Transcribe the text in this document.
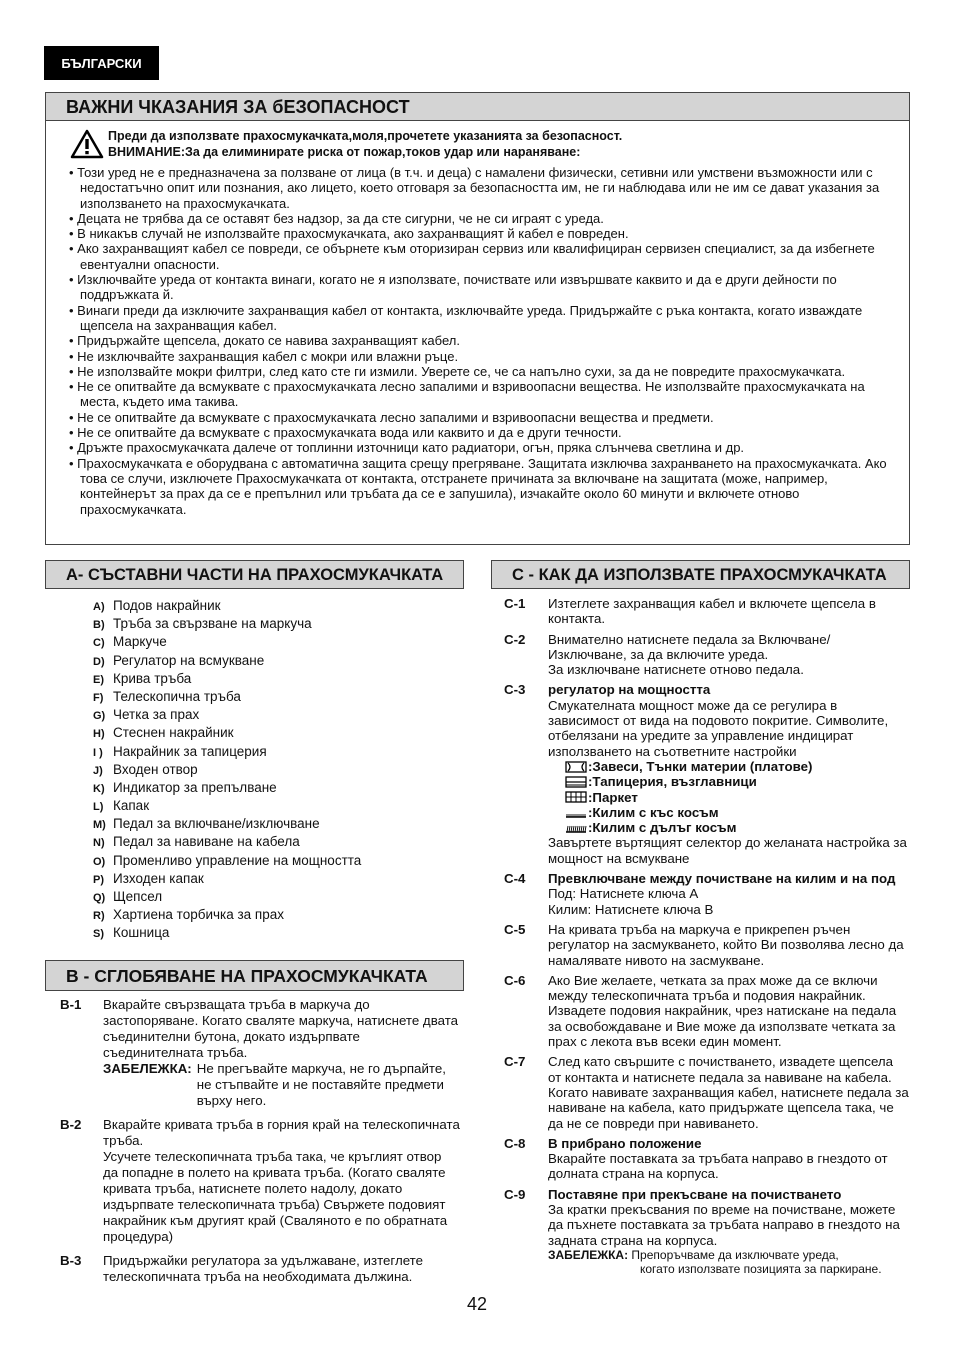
БЪЛГАРСКИ
ВАЖНИ ЧКАЗАНИЯ ЗА бЕЗОПАСНОСТ
Преди да използвате прахосмукачката,моля,прочетете указанията за безопасност.
ВНИМАНИЕ:За да елиминирате риска от пожар,токов удар или нараняване:
• Този уред не е предназначена за ползване от лица (в т.ч. и деца) с намалени физически, сетивни или умствени възможности или с недостатъчно опит или познания, ако лицето, което отговаря за безопасността им, не ги наблюдава или не им се дават указания за използването на прахосмукачката.
• Децата не трябва да се оставят без надзор, за да сте сигурни, че не си играят с уреда.
• В никакъв случай не използвайте прахосмукачката, ако захранващият й кабел е повреден.
• Ако захранващият кабел се повреди, се обърнете към оторизиран сервиз или квалифициран сервизен специалист, за да избегнете евентуални опасности.
• Изключвайте уреда от контакта винаги, когато не я използвате, почиствате или извършвате каквито и да е други дейности по поддръжката й.
• Винаги преди да изключите захранващия кабел от контакта, изключвайте уреда. Придържайте с ръка контакта, когато изваждате щепсела на захранващия кабел.
• Придържайте щепсела, докато се навива захранващият кабел.
• Не изключвайте захранващия кабел с мокри или влажни ръце.
• Не използвайте мокри филтри, след като сте ги измили. Уверете се, че са напълно сухи, за да не повредите прахосмукачката.
• Не се опитвайте да всмуквате с прахосмукачката лесно запалими и взривоопасни вещества. Не използвайте прахосмукачката на места, където има такива.
• Не се опитвайте да всмуквате с прахосмукачката лесно запалими и взривоопасни вещества и предмети.
• Не се опитвайте да всмуквате с прахосмукачката вода или каквито и да е други течности.
• Дръжте прахосмукачката далече от топлинни източници като радиатори, огън, пряка слънчева светлина и др.
• Прахосмукачката е оборудвана с автоматична защита срещу прегряване. Защитата изключва захранването на прахосмукачката. Ако това се случи, изключете Прахосмукачката от контакта, отстранете причината за включване на защитата (може, например, контейнерът за прах да се е препълнил или тръбата да се е запушила), изчакайте около 60 минути и включете отново прахосмукачката.
A- СЪСТАВНИ ЧАСТИ НА ПРАХОСМУКАЧКАТА
A) Подов накрайник
B) Тръба за свързване на маркуча
C) Маркуче
D) Регулатор на всмукване
E) Крива тръба
F) Телескопична тръба
G) Четка за прах
H) Стеснен накрайник
I ) Накрайник за тапицерия
J) Входен отвор
K) Индикатор за препълване
L) Капак
M) Педал за включване/изключване
N) Педал за навиване на кабела
O) Променливо управление на мощността
P) Изходен капак
Q) Щепсел
R) Хартиена торбичка за прах
S) Кошница
B - СГЛОБЯВАНЕ НА ПРАХОСМУКАЧКАТА
B-1	Вкарайте свързващата тръба в маркуча до застопоряване. Когато сваляте маркуча, натиснете двата съединителни бутона, докато издърпвате съединителната тръба.
ЗАБЕЛЕЖКА: Не прегъвайте маркуча, не го дърпайте, не стъпвайте и не поставяйте предмети върху него.
B-2	Вкарайте кривата тръба в горния край на телескопичната тръба.
Усучете телескопичната тръба така, че кръглият отвор да попадне в полето на кривата тръба. (Когато сваляте кривата тръба, натиснете полето надолу, докато издърпвате телескопичната тръба) Свържете подовият накрайник към другият край (Сваляното е по обратната процедура)
B-3	Придържайки регулатора за удължаване, изтеглете телескопичната тръба на необходимата дължина.
C - КАК ДА ИЗПОЛЗВАТЕ ПРАХОСМУКАЧКАТА
C-1	Изтеглете захранващия кабел и включете щепсела в контакта.
C-2	Внимателно натиснете педала за Включване/ Изключване, за да включите уреда.
За изключване натиснете отново педала.
C-3	регулатор на мощността
Смукателната мощност може да се регулира в зависимост от вида на подовото покритие. Символите, отбелязани на уредите за управление индицират използването на съответните настройки
:Завеси, Тънки материи (платове)
:Тапицерия, възглавници
:Паркет
:Килим с къс косъм
:Килим с дълъг косъм
Завъртете въртящият селектор до желаната настройка за мощност на всмукване
C-4	Превключване между почистване на килим и на под
Под: Натиснете ключа A
Килим: Натиснете ключа B
C-5	На кривата тръба на маркуча е прикрепен ръчен регулатор на засмукването, който Ви позволява лесно да намалявате нивото на засмукване.
C-6	Ако Вие желаете, четката за прах може да се включи между телескопичната тръба и подовия накрайник. Извадете подовия накрайник, чрез натискане на педала за освобождаване и Вие може да използвате четката за прах с лекота във всеки един момент.
C-7	След като свършите с почистването, извадете щепсела от контакта и натиснете педала за навиване на кабела. Когато навивате захранващия кабел, натиснете педала за навиване на кабела, като придържате щепсела така, че да не се повреди при навиването.
C-8	В прибрано положение
Вкарайте поставката за тръбата направо в гнездото от долната страна на корпуса.
C-9	Поставяне при прекъсване на почистването
За кратки прекъсвания по време на почистване, можете да пъхнете поставката за тръбата направо в гнездото на задната страна на корпуса.
ЗАБЕЛЕЖКА: Препоръчваме да изключвате уреда,
когато използвате позицията за паркиране.
42
